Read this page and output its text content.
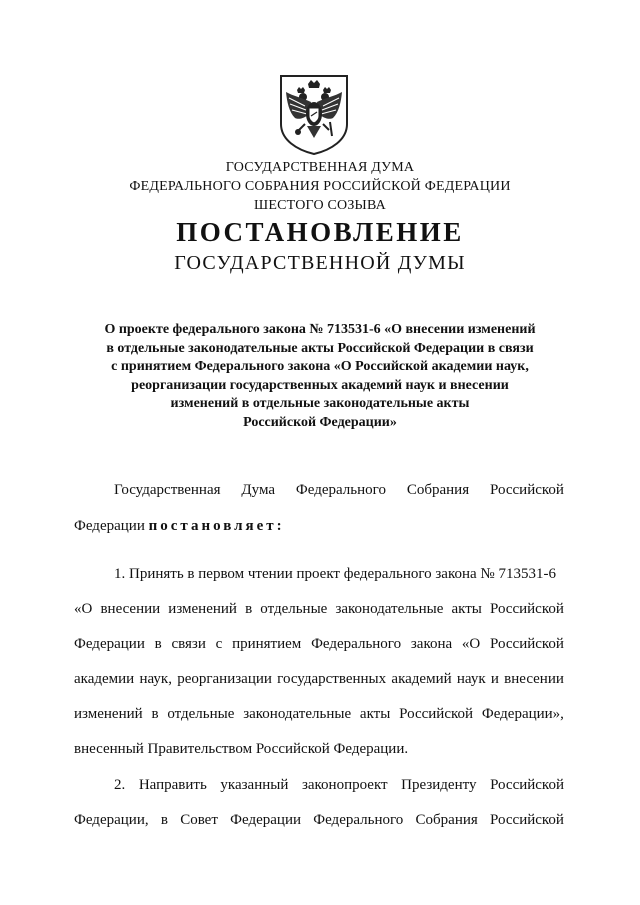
ГОСУДАРСТВЕННАЯ ДУМА
ФЕДЕРАЛЬНОГО СОБРАНИЯ РОССИЙСКОЙ ФЕДЕРАЦИИ
ШЕСТОГО СОЗЫВА
ПОСТАНОВЛЕНИЕ
ГОСУДАРСТВЕННОЙ ДУМЫ
О проекте федерального закона № 713531-6 «О внесении изменений
в отдельные законодательные акты Российской Федерации в связи
с принятием Федерального закона «О Российской академии наук,
реорганизации государственных академий наук и внесении
изменений в отдельные законодательные акты
Российской Федерации»
Государственная Дума Федерального Собрания Российской
Федерации постановляет:
1. Принять в первом чтении проект федерального закона № 713531-6
«О внесении изменений в отдельные законодательные акты Российской
Федерации в связи с принятием Федерального закона «О Российской
академии наук, реорганизации государственных академий наук и внесении
изменений в отдельные законодательные акты Российской Федерации»,
внесенный Правительством Российской Федерации.
2. Направить указанный законопроект Президенту Российской
Федерации, в Совет Федерации Федерального Собрания Российской
